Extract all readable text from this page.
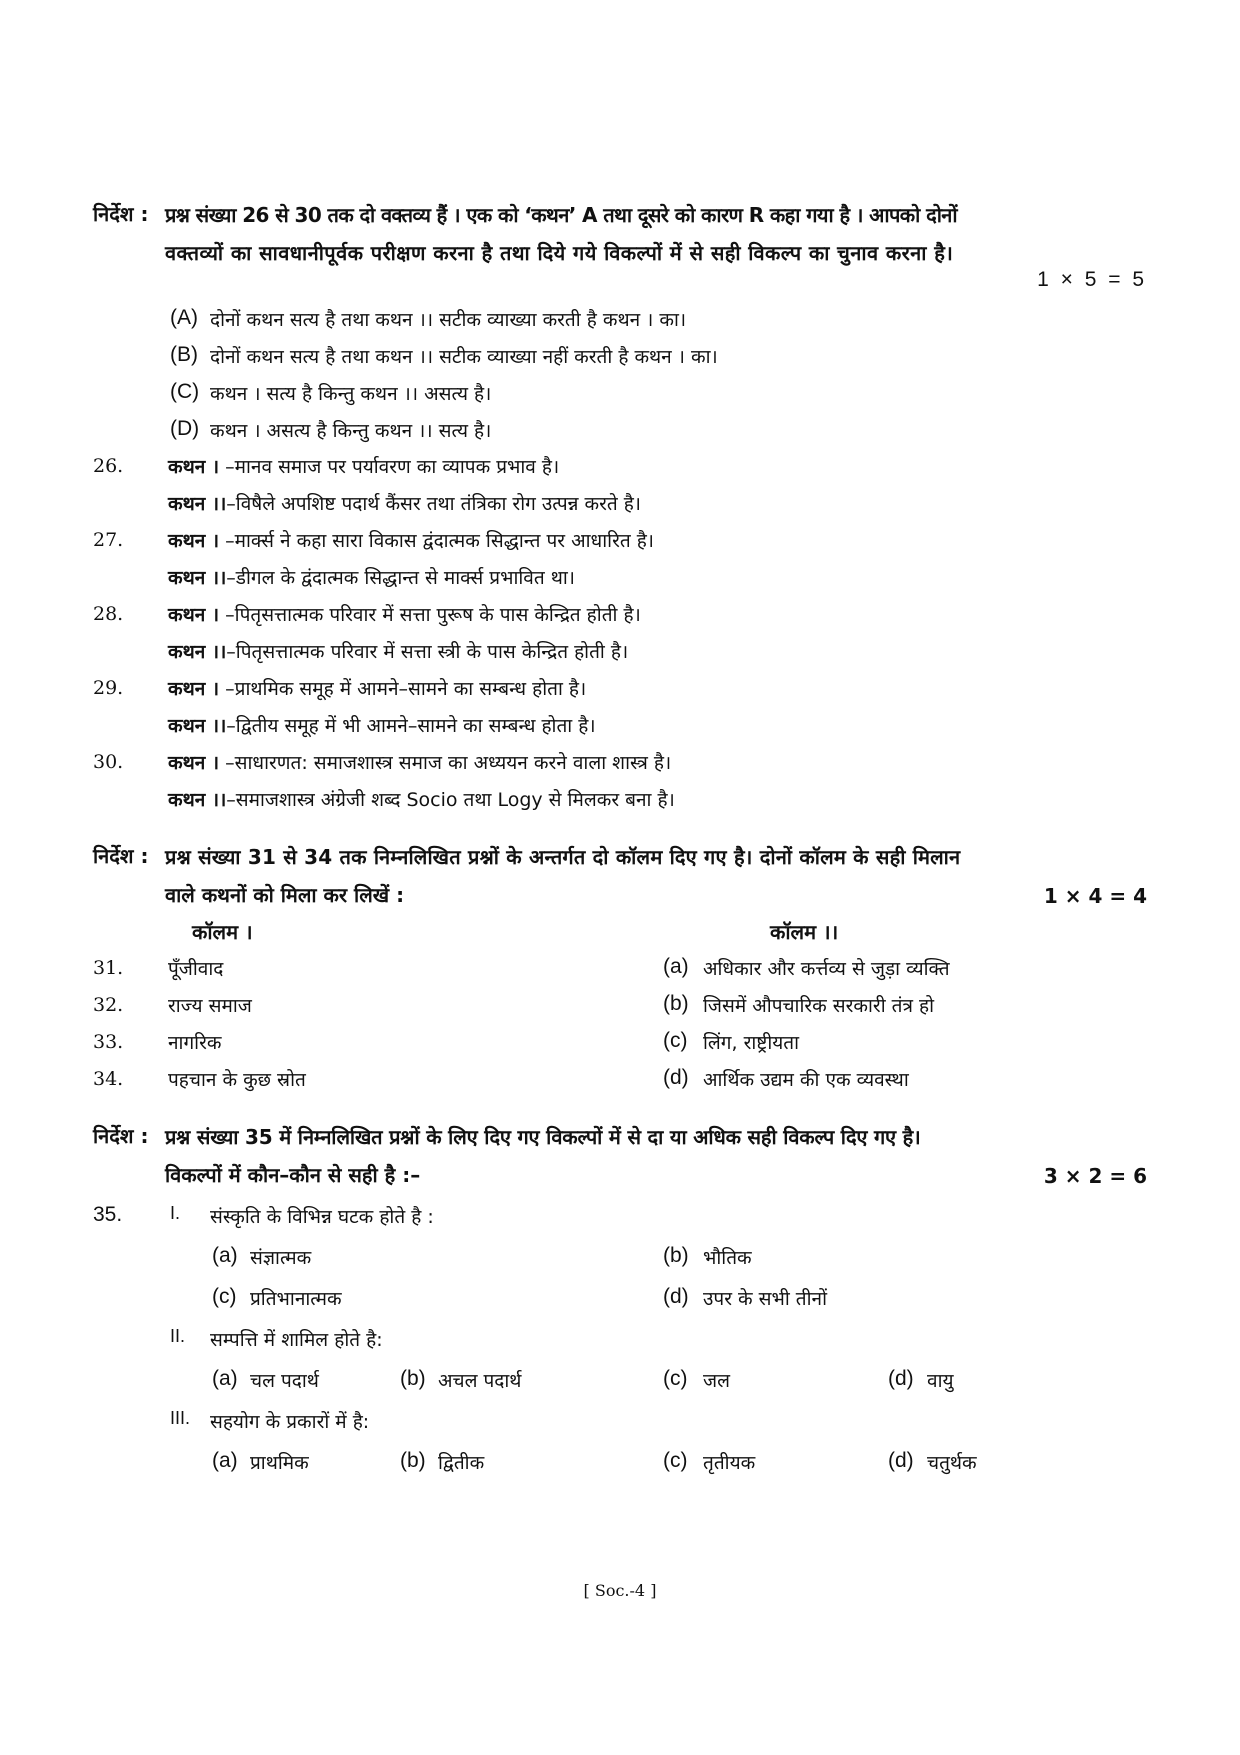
निर्देश : प्रश्न संख्या 26 से 30 तक दो वक्तव्य हैं । एक को ‘कथन’ A तथा दूसरे को कारण R कहा गया है । आपको दोनों
वक्तव्यों का सावधानीपूर्वक परीक्षण करना है तथा दिये गये विकल्पों में से सही विकल्प का चुनाव करना है।
1 × 5 = 5
(A) दोनों कथन सत्य है तथा कथन ।। सटीक व्याख्या करती है कथन । का।
(B) दोनों कथन सत्य है तथा कथन ।। सटीक व्याख्या नहीं करती है कथन । का।
(C) कथन । सत्य है किन्तु कथन ।। असत्य है।
(D) कथन । असत्य है किन्तु कथन ।। सत्य है।
26. कथन । –मानव समाज पर पर्यावरण का व्यापक प्रभाव है।
कथन ।।–विषैले अपशिष्ट पदार्थ कैंसर तथा तंत्रिका रोग उत्पन्न करते है।
27. कथन । –मार्क्स ने कहा सारा विकास द्वंदात्मक सिद्धान्त पर आधारित है।
कथन ।।–डीगल के द्वंदात्मक सिद्धान्त से मार्क्स प्रभावित था।
28. कथन । –पितृसत्तात्मक परिवार में सत्ता पुरूष के पास केन्द्रित होती है।
कथन ।।–पितृसत्तात्मक परिवार में सत्ता स्त्री के पास केन्द्रित होती है।
29. कथन । –प्राथमिक समूह में आमने–सामने का सम्बन्ध होता है।
कथन ।।–द्वितीय समूह में भी आमने–सामने का सम्बन्ध होता है।
30. कथन । –साधारणत: समाजशास्त्र समाज का अध्ययन करने वाला शास्त्र है।
कथन ।।–समाजशास्त्र अंग्रेजी शब्द Socio तथा Logy से मिलकर बना है।
निर्देश : प्रश्न संख्या 31 से 34 तक निम्नलिखित प्रश्नों के अन्तर्गत दो कॉलम दिए गए है। दोनों कॉलम के सही मिलान
वाले कथनों को मिला कर लिखें :	1 × 4 = 4
कॉलम ।	कॉलम ।।
31. पूँजीवाद	(a) अधिकार और कर्त्तव्य से जुड़ा व्यक्ति
32. राज्य समाज	(b) जिसमें औपचारिक सरकारी तंत्र हो
33. नागरिक	(c) लिंग, राष्ट्रीयता
34. पहचान के कुछ स्रोत	(d) आर्थिक उद्यम की एक व्यवस्था
निर्देश : प्रश्न संख्या 35 में निम्नलिखित प्रश्नों के लिए दिए गए विकल्पों में से दा या अधिक सही विकल्प दिए गए है।
विकल्पों में कौन–कौन से सही है :–	3 × 2 = 6
35.	I. संस्कृति के विभिन्न घटक होते है :
(a) संज्ञात्मक	(b) भौतिक
(c) प्रतिभानात्मक	(d) उपर के सभी तीनों
II. सम्पत्ति में शामिल होते है:
(a) चल पदार्थ	(b) अचल पदार्थ	(c) जल	(d) वायु
III. सहयोग के प्रकारों में है:
(a) प्राथमिक	(b) द्वितीक	(c) तृतीयक	(d) चतुर्थक
[ Soc.-4 ]
